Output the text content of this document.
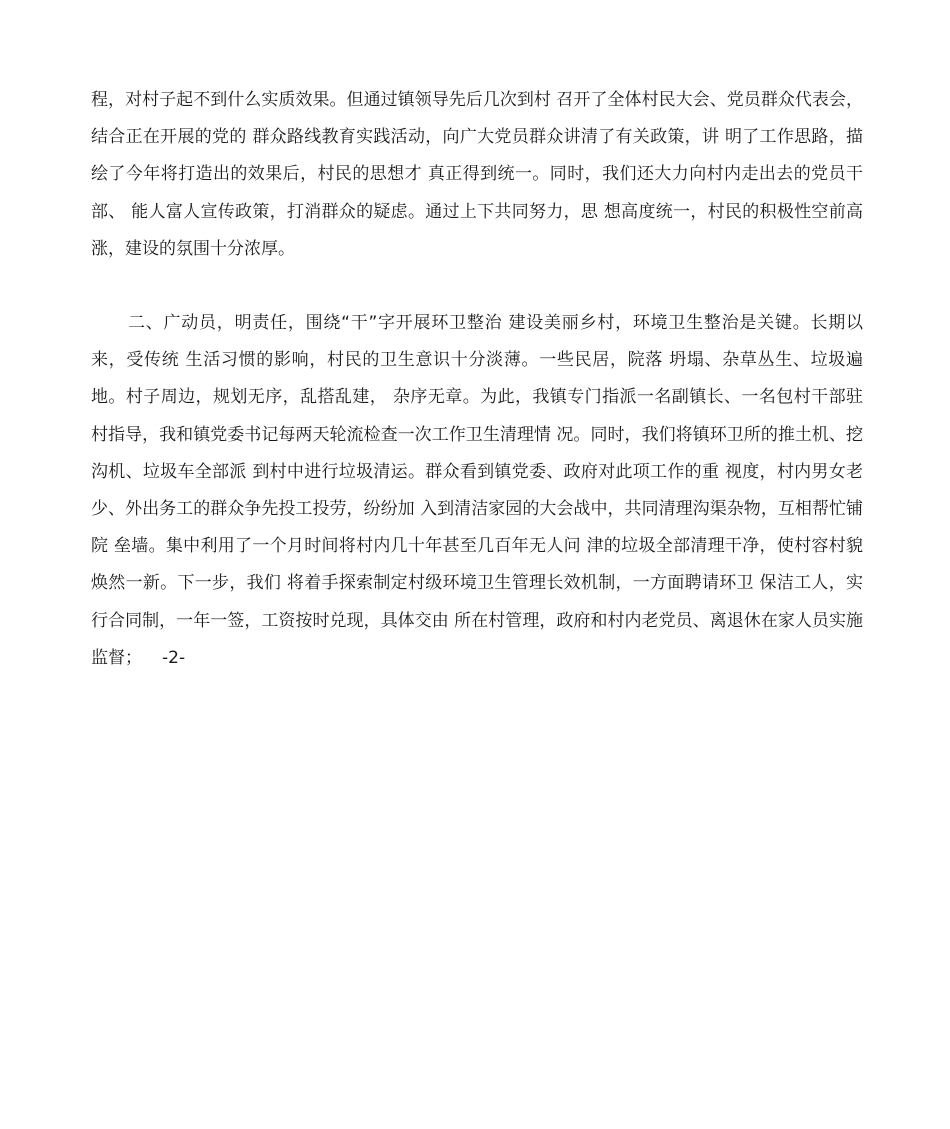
程，对村子起不到什么实质效果。但通过镇领导先后几次到村 召开了全体村民大会、党员群众代表会，结合正在开展的党的 群众路线教育实践活动，向广大党员群众讲清了有关政策，讲 明了工作思路，描绘了今年将打造出的效果后，村民的思想才 真正得到统一。同时，我们还大力向村内走出去的党员干部、 能人富人宣传政策，打消群众的疑虑。通过上下共同努力，思 想高度统一，村民的积极性空前高涨，建设的氛围十分浓厚。

二、广动员，明责任，围绕“干”字开展环卫整治 建设美丽乡村，环境卫生整治是关键。长期以来，受传统 生活习惯的影响，村民的卫生意识十分淡薄。一些民居，院落 坍塌、杂草丛生、垃圾遍地。村子周边，规划无序，乱搭乱建， 杂序无章。为此，我镇专门指派一名副镇长、一名包村干部驻 村指导，我和镇党委书记每两天轮流检查一次工作卫生清理情 况。同时，我们将镇环卫所的推土机、挖沟机、垃圾车全部派 到村中进行垃圾清运。群众看到镇党委、政府对此项工作的重 视度，村内男女老少、外出务工的群众争先投工投劳，纷纷加 入到清洁家园的大会战中，共同清理沟渠杂物，互相帮忙铺院 垒墙。集中利用了一个月时间将村内几十年甚至几百年无人问 津的垃圾全部清理干净，使村容村貌焕然一新。下一步，我们 将着手探索制定村级环境卫生管理长效机制，一方面聘请环卫 保洁工人，实行合同制，一年一签，工资按时兑现，具体交由 所在村管理，政府和村内老党员、离退休在家人员实施监督； -2-
